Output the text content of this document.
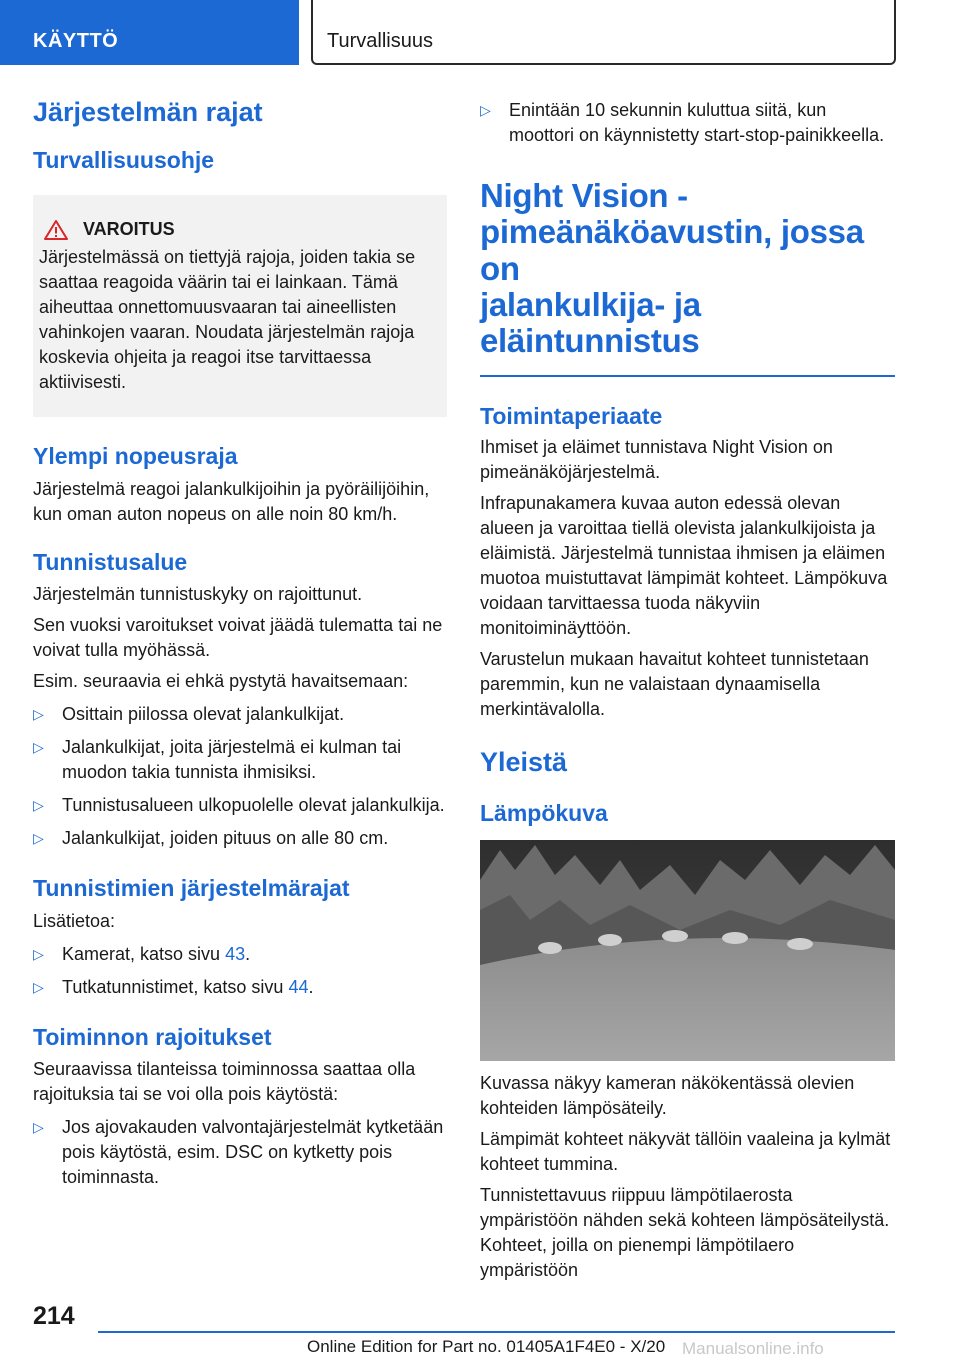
KÄYTTÖ	Turvallisuus
Järjestelmän rajat
Turvallisuusohje
VAROITUS

Järjestelmässä on tiettyjä rajoja, joiden takia se saattaa reagoida väärin tai ei lainkaan. Tämä aiheuttaa onnettomuusvaaran tai aineellisten vahinkojen vaaran. Noudata järjestelmän rajoja koskevia ohjeita ja reagoi itse tarvittaessa aktiivisesti.

Ylempi nopeusraja

Järjestelmä reagoi jalankulkijoihin ja pyöräilijöihin, kun oman auton nopeus on alle noin 80 km/h.

Tunnistusalue

Järjestelmän tunnistuskyky on rajoittunut.

Sen vuoksi varoitukset voivat jäädä tulematta tai ne voivat tulla myöhässä.

Esim. seuraavia ei ehkä pystytä havaitsemaan:

▷ Osittain piilossa olevat jalankulkijat.
▷ Jalankulkijat, joita järjestelmä ei kulman tai muodon takia tunnista ihmisiksi.
▷ Tunnistusalueen ulkopuolelle olevat jalankulkija.
▷ Jalankulkijat, joiden pituus on alle 80 cm.
Tunnistimien järjestelmärajat

Lisätietoa:

▷ Kamerat, katso sivu 43.
▷ Tutkatunnistimet, katso sivu 44.
Toiminnon rajoitukset

Seuraavissa tilanteissa toiminnossa saattaa olla rajoituksia tai se voi olla pois käytöstä:

▷ Jos ajovakauden valvontajärjestelmät kytketään pois käytöstä, esim. DSC on kytketty pois toiminnasta.
▷ Enintään 10 sekunnin kuluttua siitä, kun moottori on käynnistetty start-stop-painikkeella.
Night Vision -
pimeänäköavustin, jossa on
jalankulkija- ja
eläintunnistus
Toimintaperiaate

Ihmiset ja eläimet tunnistava Night Vision on pimeänäköjärjestelmä.

Infrapunakamera kuvaa auton edessä olevan alueen ja varoittaa tiellä olevista jalankulkijoista ja eläimistä. Järjestelmä tunnistaa ihmisen ja eläimen muotoa muistuttavat lämpimät kohteet. Lämpökuva voidaan tarvittaessa tuoda näkyviin monitoiminäyttöön.

Varustelun mukaan havaitut kohteet tunnistetaan paremmin, kun ne valaistaan dynaamisella merkintävalolla.

Yleistä
Lämpökuva

Kuvassa näkyy kameran näkökentässä olevien kohteiden lämpösäteily.

Lämpimät kohteet näkyvät tällöin vaaleina ja kylmät kohteet tummina.

Tunnistettavuus riippuu lämpötilaerosta ympäristöön nähden sekä kohteen lämpösäteilystä. Kohteet, joilla on pienempi lämpötilaero ympäristöön

214
Online Edition for Part no. 01405A1F4E0 - X/20 Manualsonline.info
